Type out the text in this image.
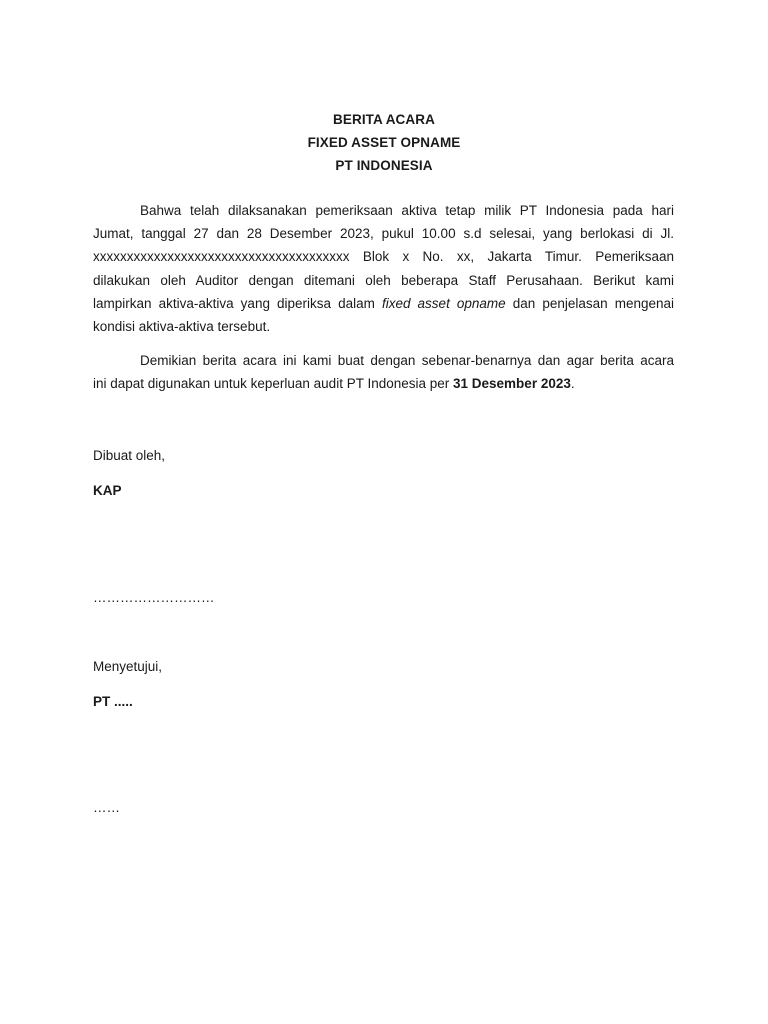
BERITA ACARA
FIXED ASSET OPNAME
PT INDONESIA
Bahwa telah dilaksanakan pemeriksaan aktiva tetap milik PT Indonesia pada hari
Jumat, tanggal 27 dan 28 Desember 2023, pukul 10.00 s.d selesai, yang berlokasi di Jl.
xxxxxxxxxxxxxxxxxxxxxxxxxxxxxxxxxxxxxx Blok x No. xx, Jakarta Timur. Pemeriksaan
dilakukan oleh Auditor dengan ditemani oleh beberapa Staff Perusahaan. Berikut kami
lampirkan aktiva-aktiva yang diperiksa dalam fixed asset opname dan penjelasan mengenai
kondisi aktiva-aktiva tersebut.
Demikian berita acara ini kami buat dengan sebenar-benarnya dan agar berita acara
ini dapat digunakan untuk keperluan audit PT Indonesia per 31 Desember 2023.
Dibuat oleh,
KAP
………………………
Menyetujui,
PT .....
……
